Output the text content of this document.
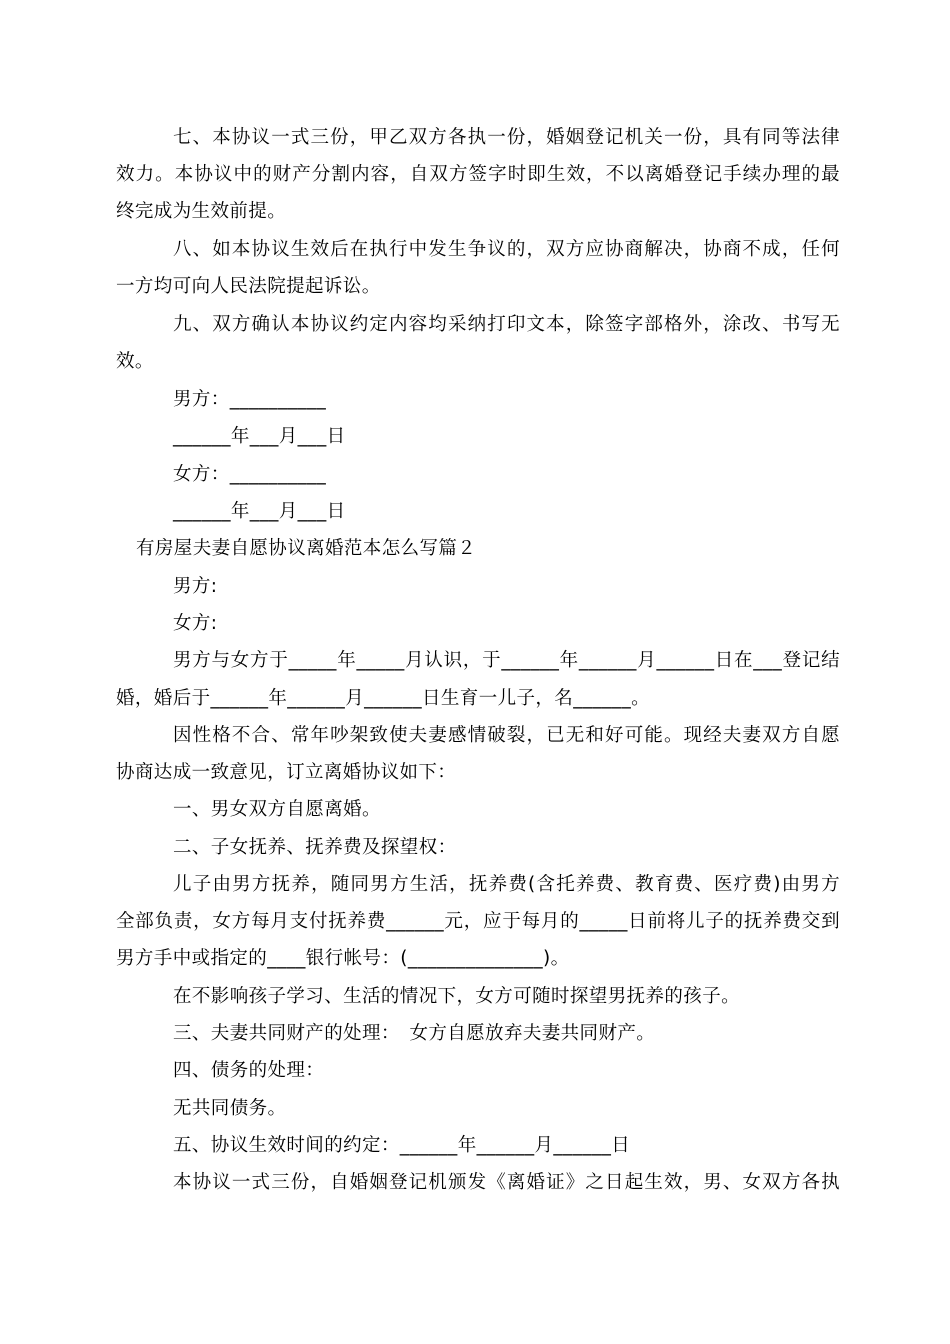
七、本协议一式三份，甲乙双方各执一份，婚姻登记机关一份，具有同等法律
效力。本协议中的财产分割内容，自双方签字时即生效，不以离婚登记手续办理的最
终完成为生效前提。
八、如本协议生效后在执行中发生争议的，双方应协商解决，协商不成，任何
一方均可向人民法院提起诉讼。
九、双方确认本协议约定内容均采纳打印文本，除签字部格外，涂改、书写无
效。
男方：__________
______年___月___日
女方：__________
______年___月___日
有房屋夫妻自愿协议离婚范本怎么写篇２
男方:
女方:
男方与女方于_____年_____月认识，于______年______月______日在___登记结
婚，婚后于______年______月______日生育一儿子，名______。
因性格不合、常年吵架致使夫妻感情破裂，已无和好可能。现经夫妻双方自愿
协商达成一致意见，订立离婚协议如下：
一、男女双方自愿离婚。
二、子女抚养、抚养费及探望权：
儿子由男方抚养，随同男方生活，抚养费(含托养费、教育费、医疗费)由男方
全部负责，女方每月支付抚养费______元，应于每月的_____日前将儿子的抚养费交到
男方手中或指定的____银行帐号：(______________)。
在不影响孩子学习、生活的情况下，女方可随时探望男抚养的孩子。
三、夫妻共同财产的处理：　女方自愿放弃夫妻共同财产。
四、债务的处理：
无共同债务。
五、协议生效时间的约定：______年______月______日
本协议一式三份，自婚姻登记机颁发《离婚证》之日起生效，男、女双方各执
